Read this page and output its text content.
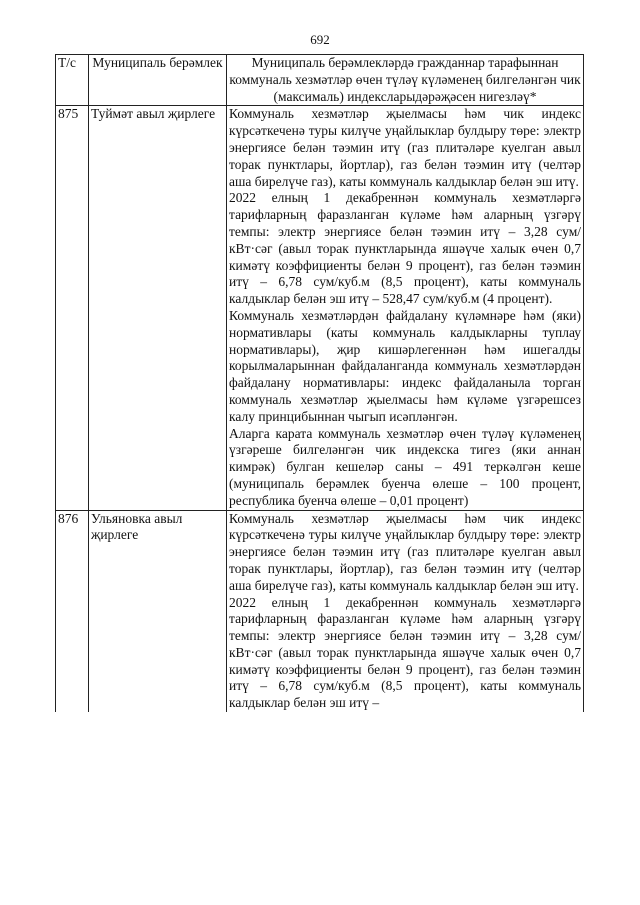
692
Т/с	Муниципаль берәмлек	Муниципаль берәмлекләрдә гражданнар тарафыннан коммуналь хезмәтләр өчен түләү күләменең билгеләнгән чик (максималь) индексларыдәрәҗәсен нигезләү*
875	Туймәт авыл җирлеге	Коммуналь хезмәтләр җыелмасы һәм чик индекс күрсәткеченә туры килүче уңайлыклар булдыру төре: электр энергиясе белән тәэмин итү (газ плитәләре куелган авыл торак пунктлары, йортлар), газ белән тәэмин итү (челтәр аша бирелүче газ), каты коммуналь калдыклар белән эш итү.

2022 елның 1 декабреннән коммуналь хезмәтләргә тарифларның фаразланган күләме һәм аларның үзгәрү темпы: электр энергиясе белән тәэмин итү – 3,28 сум/кВт·сәг (авыл торак пунктларында яшәүче халык өчен 0,7 кимәтү коэффициенты белән 9 процент), газ белән тәэмин итү – 6,78 сум/куб.м (8,5 процент), каты коммуналь калдыклар белән эш итү – 528,47 сум/куб.м (4 процент).

Коммуналь хезмәтләрдән файдалану күләмнәре һәм (яки) нормативлары (каты коммуналь калдыкларны туплау нормативлары), җир кишәрлегеннән һәм ишегалды корылмаларыннан файдаланганда коммуналь хезмәтләрдән файдалану нормативлары: индекс файдаланыла торган коммуналь хезмәтләр җыелмасы һәм күләме үзгәрешсез калу принцибыннан чыгып исәпләнгән.

Аларга карата коммуналь хезмәтләр өчен түләү күләменең үзгәреше билгеләнгән чик индекска тигез (яки аннан кимрәк) булган кешеләр саны – 491 теркәлгән кеше (муниципаль берәмлек буенча өлеше – 100 процент, республика буенча өлеше – 0,01 процент)

876	Ульяновка авыл җирлеге	Коммуналь хезмәтләр җыелмасы һәм чик индекс күрсәткеченә туры килүче уңайлыклар булдыру төре: электр энергиясе белән тәэмин итү (газ плитәләре куелган авыл торак пунктлары, йортлар), газ белән тәэмин итү (челтәр аша бирелүче газ), каты коммуналь калдыклар белән эш итү.

2022 елның 1 декабреннән коммуналь хезмәтләргә тарифларның фаразланган күләме һәм аларның үзгәрү темпы: электр энергиясе белән тәэмин итү – 3,28 сум/кВт·сәг (авыл торак пунктларында яшәүче халык өчен 0,7 кимәтү коэффициенты белән 9 процент), газ белән тәэмин итү – 6,78 сум/куб.м (8,5 процент), каты коммуналь калдыклар белән эш итү –
